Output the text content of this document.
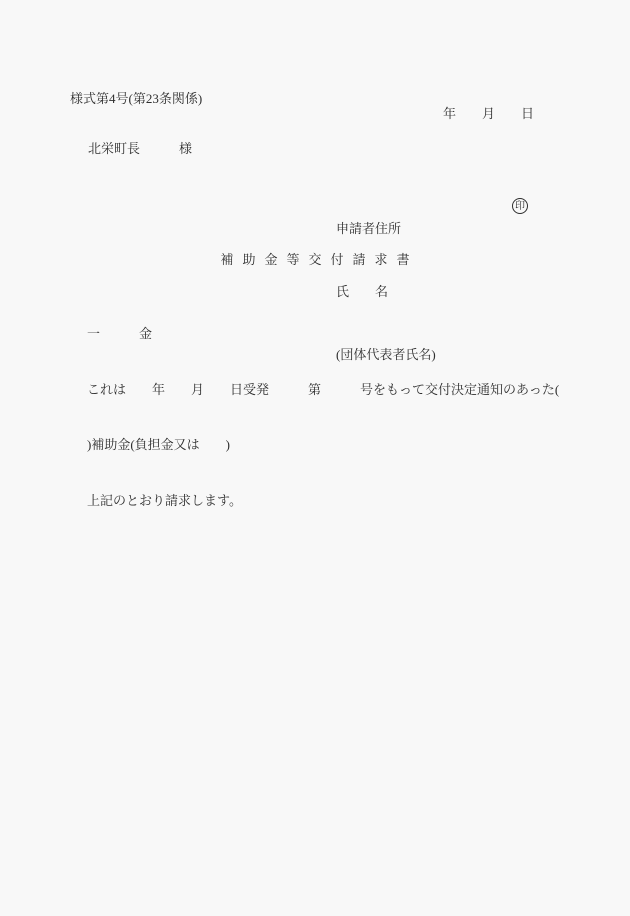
様式第4号(第23条関係)
年　　月　　日
北栄町長　　　様

申請者住所

氏　　名

(団体代表者氏名)

印

補助金等交付請求書

一　　　金

これは　　年　　月　　日受発　　　第　　　号をもって交付決定通知のあった(

)補助金(負担金又は　　)

上記のとおり請求します。
